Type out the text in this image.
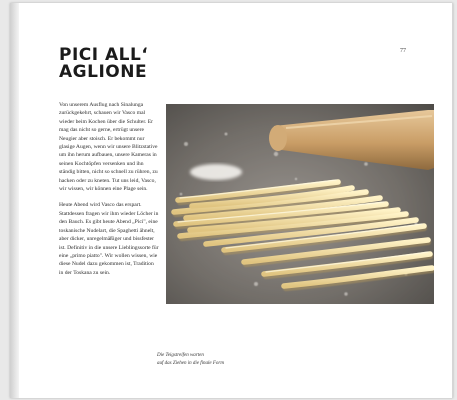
PICI ALL‘
AGLIONE
77

Von unserem Ausflug nach Sinalunga zurückgekehrt, schauen wir Vasco mal wieder beim Kochen über die Schulter. Er mag das nicht so gerne, ertrügt unsere Neugier aber stoisch. Er bekommt nur glasige Augen, wenn wir unsere Blitzstative um ihn herum aufbauen, unsere Kameras in seinen Kochtöpfen versenken und ihn ständig bitten, nicht so schnell zu rühren, zu hacken oder zu kneten. Tut uns leid, Vasco, wir wissen, wir können eine Plage sein.

Heute Abend wird Vasco das erspart. Stattdessen fragen wir ihm wieder Löcher in den Bauch. Es gibt heute Abend „Pici", eine toskanische Nudelart, die Spaghetti ähnelt, aber dicker, unregelmäßiger und bissfester ist. Definitiv in die unsere Lieblingssorte für eine „primo piatto". Wir wollen wissen, wie diese Nudel dazu gekommen ist, Tradition in der Toskana zu sein.

Die Teigstreifen warten
auf das Ziehen in die finale Form
